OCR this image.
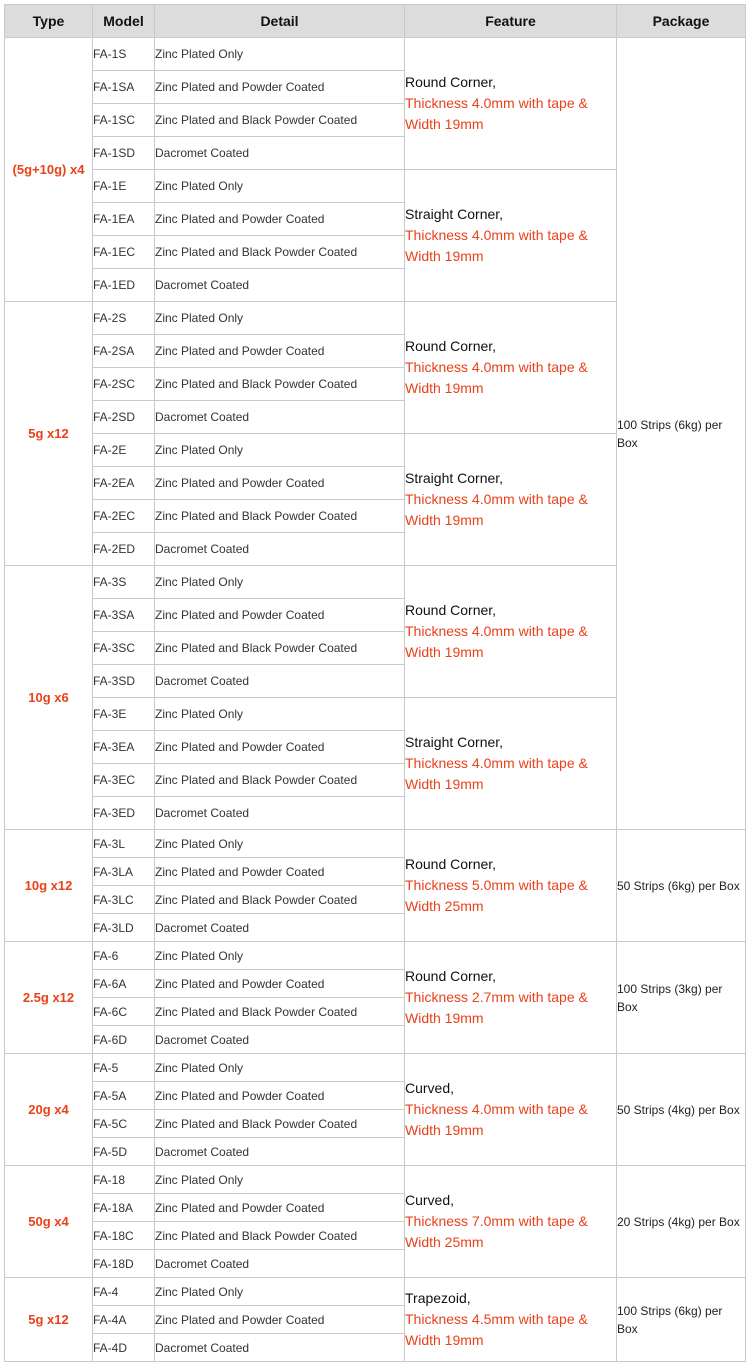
Type	Model	Detail	Feature	Package
(5g+10g) x4	FA-1S	Zinc Plated Only	Round Corner,
Thickness 4.0mm with tape & Width 19mm	100 Strips (6kg) per Box
	FA-1SA	Zinc Plated and Powder Coated		
	FA-1SC	Zinc Plated and Black Powder Coated		
	FA-1SD	Dacromet Coated		
	FA-1E	Zinc Plated Only	Straight Corner,
Thickness 4.0mm with tape & Width 19mm	

	FA-1EA	Zinc Plated and Powder Coated		
	FA-1EC	Zinc Plated and Black Powder Coated		
	FA-1ED	Dacromet Coated		
5g x12	FA-2S	Zinc Plated Only	Round Corner,
Thickness 4.0mm with tape & Width 19mm	

	FA-2SA	Zinc Plated and Powder Coated		
	FA-2SC	Zinc Plated and Black Powder Coated		
	FA-2SD	Dacromet Coated		
	FA-2E	Zinc Plated Only	Straight Corner,
Thickness 4.0mm with tape & Width 19mm	

	FA-2EA	Zinc Plated and Powder Coated		
	FA-2EC	Zinc Plated and Black Powder Coated		
	FA-2ED	Dacromet Coated		
10g x6	FA-3S	Zinc Plated Only	Round Corner,
Thickness 4.0mm with tape & Width 19mm	

	FA-3SA	Zinc Plated and Powder Coated		
	FA-3SC	Zinc Plated and Black Powder Coated		
	FA-3SD	Dacromet Coated		
	FA-3E	Zinc Plated Only	Straight Corner,
Thickness 4.0mm with tape & Width 19mm	

	FA-3EA	Zinc Plated and Powder Coated		
	FA-3EC	Zinc Plated and Black Powder Coated		
	FA-3ED	Dacromet Coated		
10g x12	FA-3L	Zinc Plated Only	Round Corner,
Thickness 5.0mm with tape & Width 25mm	50 Strips (6kg) per Box
	FA-3LA	Zinc Plated and Powder Coated		
	FA-3LC	Zinc Plated and Black Powder Coated		
	FA-3LD	Dacromet Coated		
2.5g x12	FA-6	Zinc Plated Only	Round Corner,
Thickness 2.7mm with tape & Width 19mm	100 Strips (3kg) per Box
	FA-6A	Zinc Plated and Powder Coated		
	FA-6C	Zinc Plated and Black Powder Coated		
	FA-6D	Dacromet Coated		
20g x4	FA-5	Zinc Plated Only	Curved,
Thickness 4.0mm with tape & Width 19mm	50 Strips (4kg) per Box
	FA-5A	Zinc Plated and Powder Coated		
	FA-5C	Zinc Plated and Black Powder Coated		
	FA-5D	Dacromet Coated		
50g x4	FA-18	Zinc Plated Only	Curved,
Thickness 7.0mm with tape & Width 25mm	20 Strips (4kg) per Box
	FA-18A	Zinc Plated and Powder Coated		
	FA-18C	Zinc Plated and Black Powder Coated		
	FA-18D	Dacromet Coated		
5g x12	FA-4	Zinc Plated Only	Trapezoid,
Thickness 4.5mm with tape & Width 19mm	100 Strips (6kg) per Box
	FA-4A	Zinc Plated and Powder Coated		
	FA-4D	Dacromet Coated		
